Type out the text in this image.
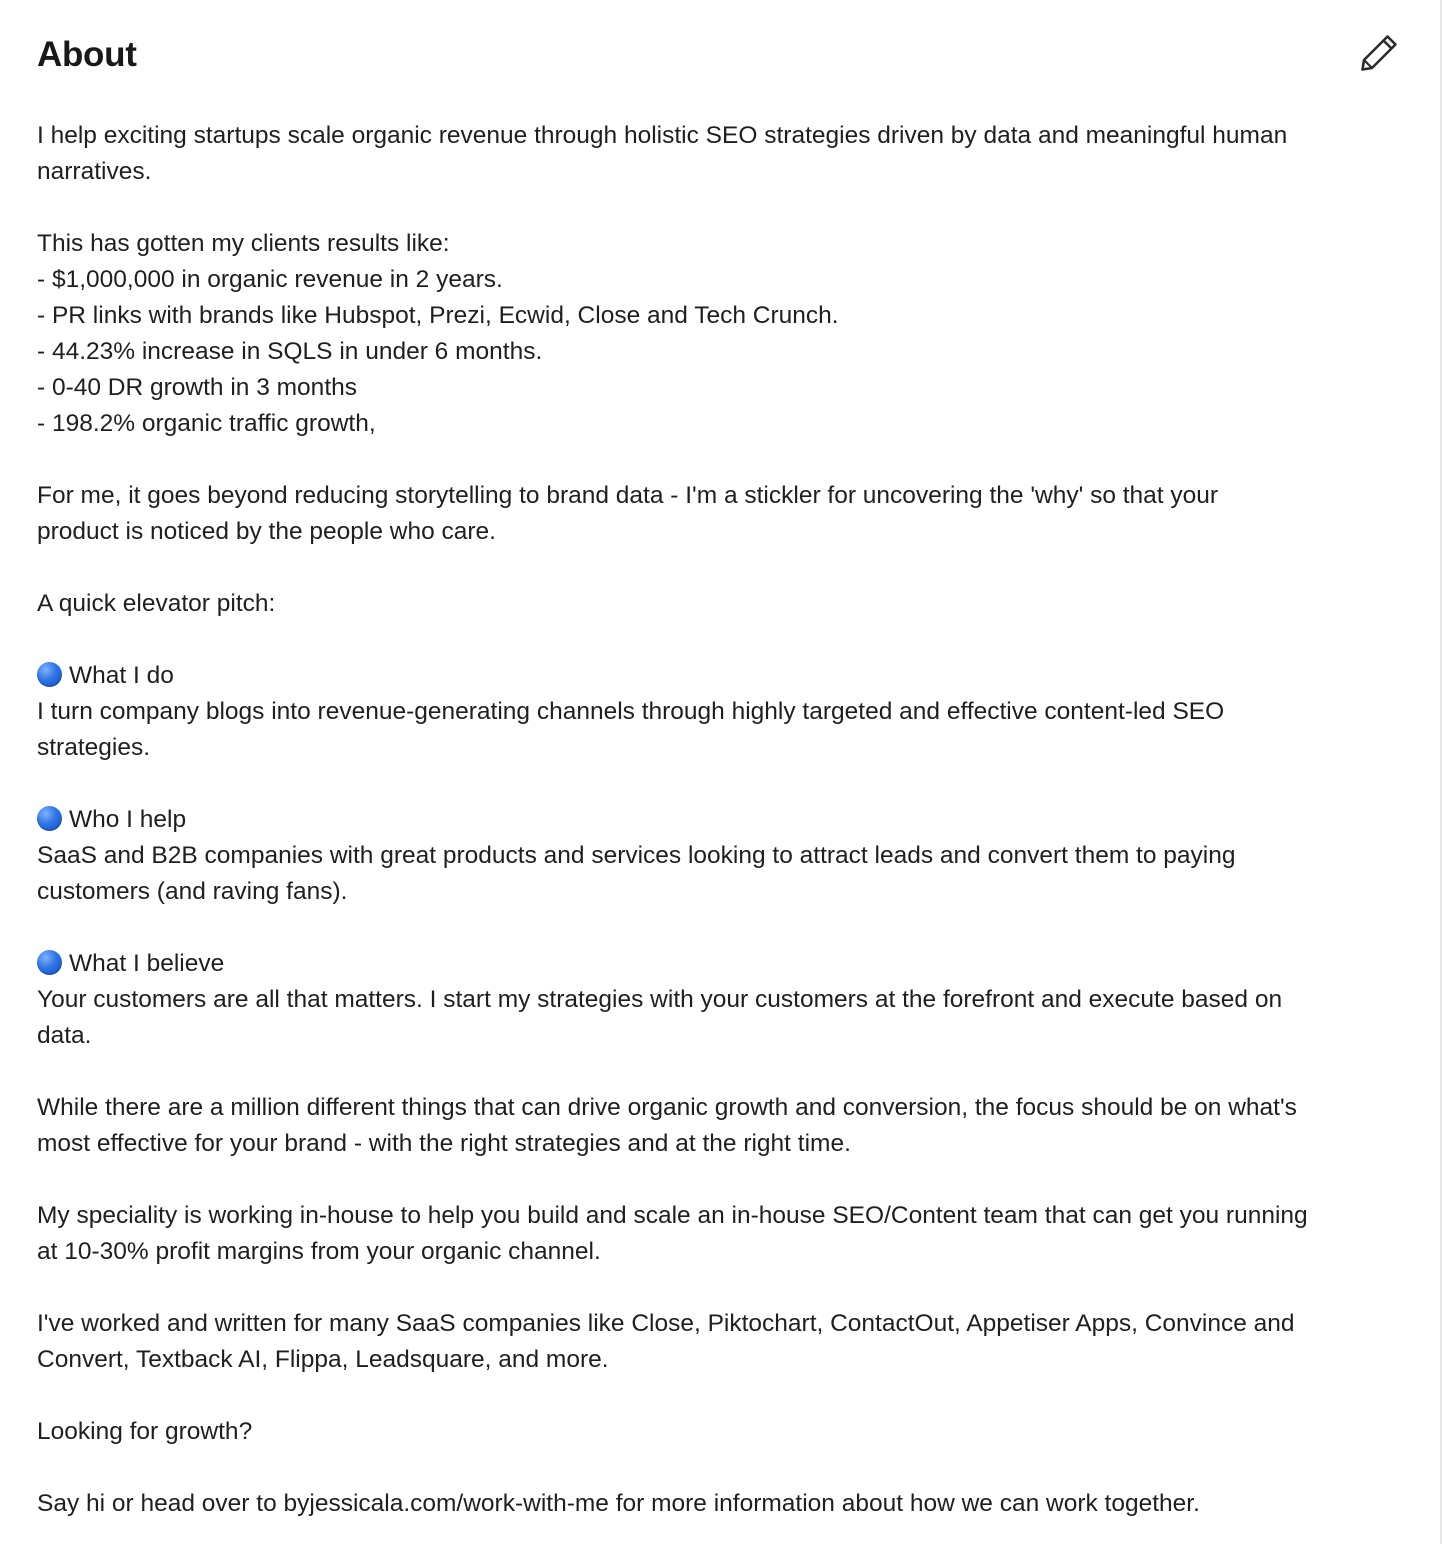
About
I help exciting startups scale organic revenue through holistic SEO strategies driven by data and meaningful human
narratives.
This has gotten my clients results like:
- $1,000,000 in organic revenue in 2 years.
- PR links with brands like Hubspot, Prezi, Ecwid, Close and Tech Crunch.
- 44.23% increase in SQLS in under 6 months.
- 0-40 DR growth in 3 months
- 198.2% organic traffic growth,
For me, it goes beyond reducing storytelling to brand data - I'm a stickler for uncovering the 'why' so that your
product is noticed by the people who care.
A quick elevator pitch:
What I do
I turn company blogs into revenue-generating channels through highly targeted and effective content-led SEO
strategies.
Who I help
SaaS and B2B companies with great products and services looking to attract leads and convert them to paying
customers (and raving fans).
What I believe
Your customers are all that matters. I start my strategies with your customers at the forefront and execute based on
data.
While there are a million different things that can drive organic growth and conversion, the focus should be on what's
most effective for your brand - with the right strategies and at the right time.
My speciality is working in-house to help you build and scale an in-house SEO/Content team that can get you running
at 10-30% profit margins from your organic channel.
I've worked and written for many SaaS companies like Close, Piktochart, ContactOut, Appetiser Apps, Convince and
Convert, Textback AI, Flippa, Leadsquare, and more.
Looking for growth?
Say hi or head over to byjessicala.com/work-with-me for more information about how we can work together.
